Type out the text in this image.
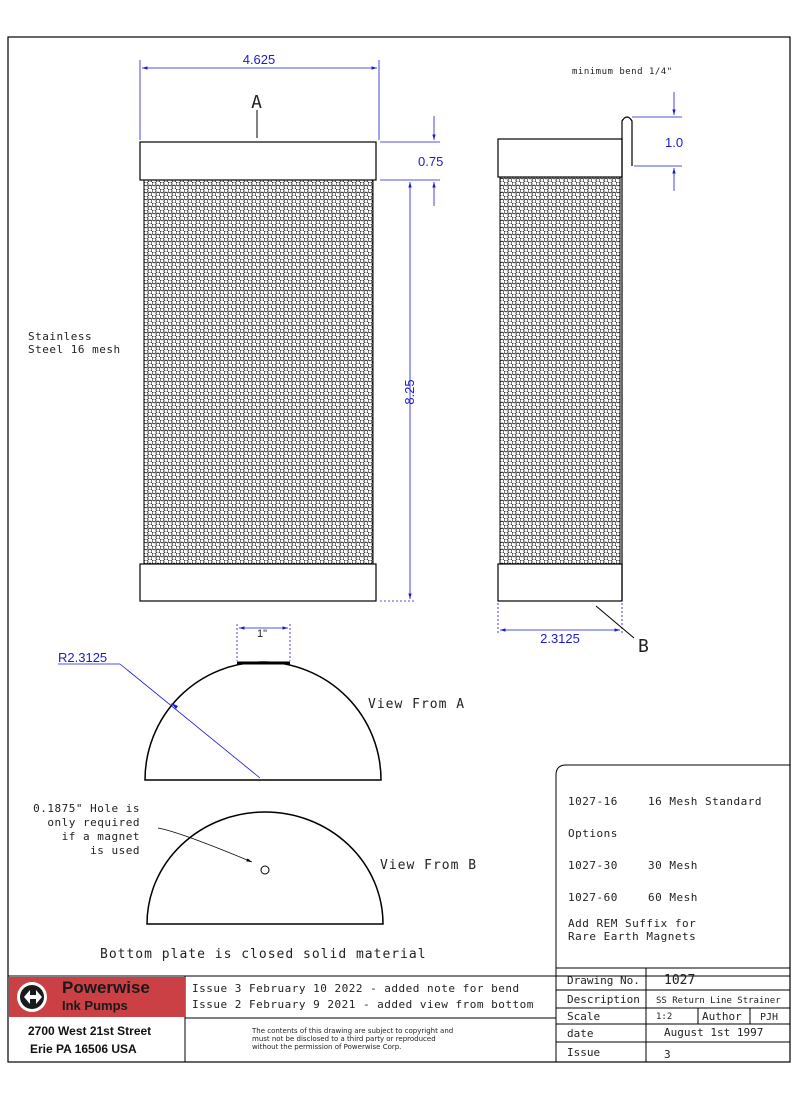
4.625
A
0.75
8.25
Stainless
Steel 16 mesh
1.0
minimum bend 1/4"
2.3125	B
1"
R2.3125
View From A
0.1875" Hole is
only required
if a magnet
is used
View From B
Bottom plate is closed solid material
1027-16	16 Mesh Standard
Options
1027-30	30 Mesh
1027-60	60 Mesh
Add REM Suffix for
Rare Earth Magnets
Powerwise
Ink Pumps
2700 West 21st Street
Erie PA 16506 USA
Issue 3 February 10 2022 - added note for bend
Issue 2 February 9 2021 - added view from bottom
The contents of this drawing are subject to copyright and
must not be disclosed to a third party or reproduced
without the permission of Powerwise Corp.
Drawing No. 1027
Description SS Return Line Strainer
Scale	1:2	Author PJH
date	August 1st 1997
Issue	3
